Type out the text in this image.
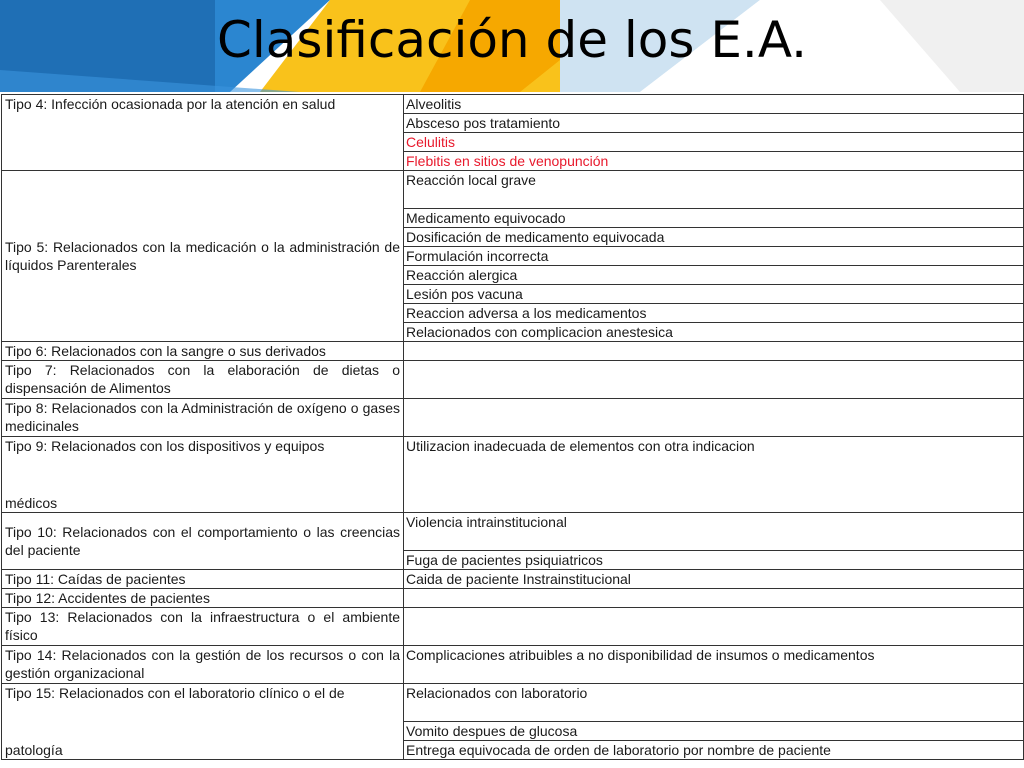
Clasificación de los E.A.
Tipo 4: Infección ocasionada por la atención en salud	Alveolitis
	Absceso pos tratamiento
	Celulitis
	Flebitis en sitios de venopunción
Tipo 5: Relacionados con la medicación o la administración de líquidos Parenterales	Reacción local grave
	Medicamento equivocado
	Dosificación de medicamento equivocada
	Formulación incorrecta
	Reacción alergica
	Lesión pos vacuna
	Reaccion adversa a los medicamentos
	Relacionados con complicacion anestesica
Tipo 6: Relacionados con la sangre o sus derivados	
Tipo 7: Relacionados con la elaboración de dietas o dispensación de Alimentos	
Tipo 8: Relacionados con la Administración de oxígeno o gases medicinales	

Tipo 9: Relacionados con los dispositivos y equipos
médicos	Utilizacion inadecuada de elementos con otra indicacion
Tipo 10: Relacionados con el comportamiento o las creencias del paciente	Violencia intrainstitucional
	Fuga de pacientes psiquiatricos
Tipo 11: Caídas de pacientes	Caida de paciente Instrainstitucional
Tipo 12: Accidentes de pacientes	
Tipo 13: Relacionados con la infraestructura o el ambiente físico	
Tipo 14: Relacionados con la gestión de los recursos o con la gestión organizacional	Complicaciones atribuibles a no disponibilidad de insumos o medicamentos

Tipo 15: Relacionados con el laboratorio clínico o el de
patología	Relacionados con laboratorio
	Vomito despues de glucosa
	Entrega equivocada de orden de laboratorio por nombre de paciente
